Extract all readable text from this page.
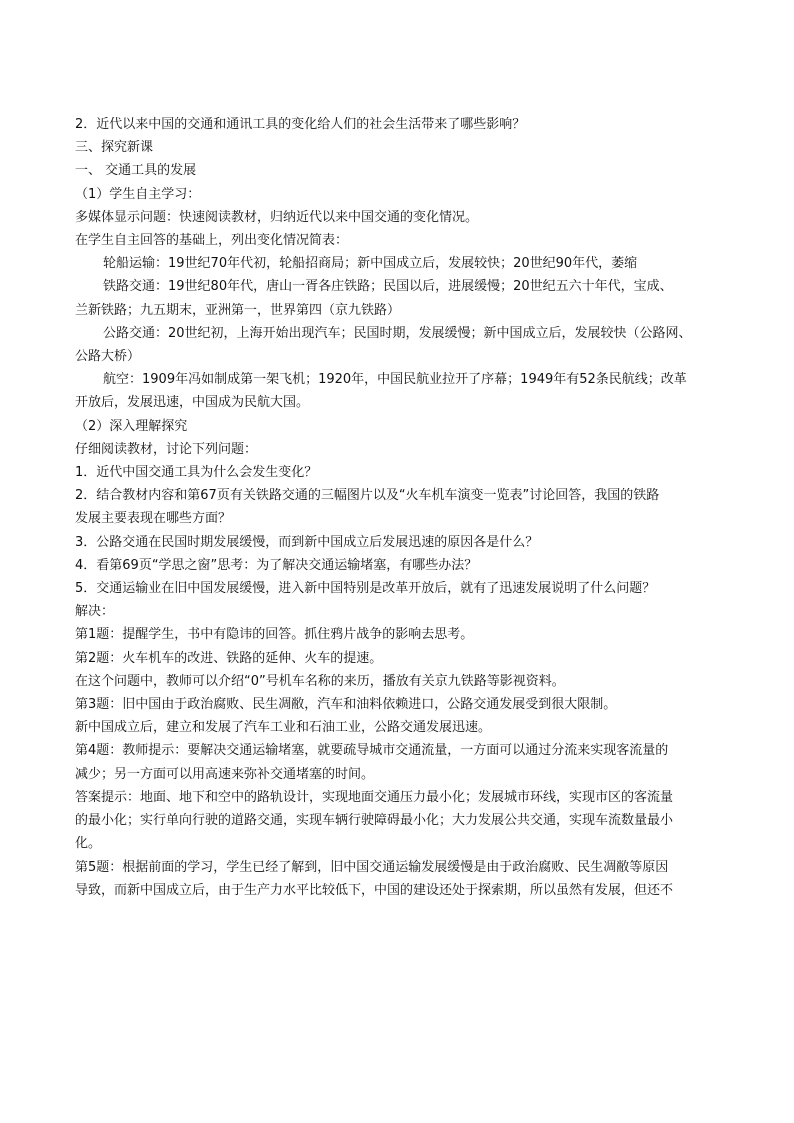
2．近代以来中国的交通和通讯工具的变化给人们的社会生活带来了哪些影响？
三、探究新课
一、 交通工具的发展
（1）学生自主学习：
多媒体显示问题：快速阅读教材，归纳近代以来中国交通的变化情况。
在学生自主回答的基础上，列出变化情况简表：
轮船运输：19世纪70年代初，轮船招商局；新中国成立后，发展较快；20世纪90年代，萎缩
铁路交通：19世纪80年代，唐山一胥各庄铁路；民国以后，进展缓慢；20世纪五六十年代，宝成、
兰新铁路；九五期末，亚洲第一，世界第四（京九铁路）
公路交通：20世纪初，上海开始出现汽车；民国时期，发展缓慢；新中国成立后，发展较快（公路网、
公路大桥）
航空：1909年冯如制成第一架飞机；1920年，中国民航业拉开了序幕；1949年有52条民航线；改革
开放后，发展迅速，中国成为民航大国。
（2）深入理解探究
仔细阅读教材，讨论下列问题：
1．近代中国交通工具为什么会发生变化？
2．结合教材内容和第67页有关铁路交通的三幅图片以及“火车机车演变一览表”讨论回答，我国的铁路
发展主要表现在哪些方面？
3．公路交通在民国时期发展缓慢，而到新中国成立后发展迅速的原因各是什么？
4．看第69页“学思之窗”思考：为了解决交通运输堵塞，有哪些办法？
5．交通运输业在旧中国发展缓慢，进入新中国特别是改革开放后，就有了迅速发展说明了什么问题？
解决：
第1题：提醒学生，书中有隐讳的回答。抓住鸦片战争的影响去思考。
第2题：火车机车的改进、铁路的延伸、火车的提速。
在这个问题中，教师可以介绍“0”号机车名称的来历，播放有关京九铁路等影视资料。
第3题：旧中国由于政治腐败、民生凋敝，汽车和油料依赖进口，公路交通发展受到很大限制。
新中国成立后，建立和发展了汽车工业和石油工业，公路交通发展迅速。
第4题：教师提示：要解决交通运输堵塞，就要疏导城市交通流量，一方面可以通过分流来实现客流量的
减少；另一方面可以用高速来弥补交通堵塞的时间。
答案提示：地面、地下和空中的路轨设计，实现地面交通压力最小化；发展城市环线，实现市区的客流量
的最小化；实行单向行驶的道路交通，实现车辆行驶障碍最小化；大力发展公共交通，实现车流数量最小
化。
第5题：根据前面的学习，学生已经了解到，旧中国交通运输发展缓慢是由于政治腐败、民生凋敝等原因
导致，而新中国成立后，由于生产力水平比较低下，中国的建设还处于探索期，所以虽然有发展，但还不
